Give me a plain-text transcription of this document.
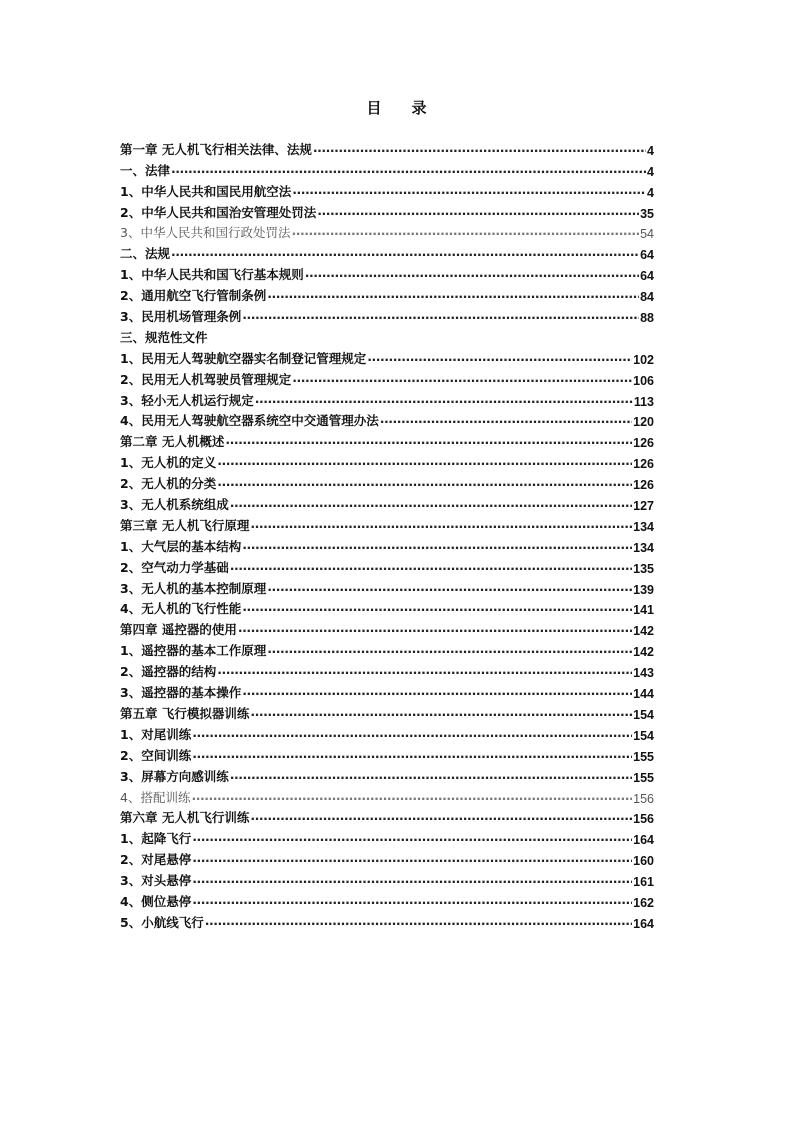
目 录
第一章 无人机飞行相关法律、法规 ·····	4
一、法律 ·····	4
1、中华人民共和国民用航空法 ·····	4
2、中华人民共和国治安管理处罚法 ·····	35
3、中华人民共和国行政处罚法 ·····	54
二、法规 ·····	64
1、中华人民共和国飞行基本规则 ·····	64
2、通用航空飞行管制条例 ·····	84
3、民用机场管理条例 ·····	88
三、规范性文件
1、民用无人驾驶航空器实名制登记管理规定 ·····	102
2、民用无人机驾驶员管理规定 ·····	106
3、轻小无人机运行规定 ·····	113
4、民用无人驾驶航空器系统空中交通管理办法 ·····	120
第二章 无人机概述 ·····	126
1、无人机的定义 ·····	126
2、无人机的分类 ·····	126
3、无人机系统组成 ·····	127
第三章 无人机飞行原理 ·····	134
1、大气层的基本结构 ·····	134
2、空气动力学基础 ·····	135
3、无人机的基本控制原理 ·····	139
4、无人机的飞行性能 ·····	141
第四章 遥控器的使用 ·····	142
1、遥控器的基本工作原理 ·····	142
2、遥控器的结构 ·····	143
3、遥控器的基本操作 ·····	144
第五章 飞行模拟器训练 ·····	154
1、对尾训练 ·····	154
2、空间训练 ·····	155
3、屏幕方向感训练 ·····	155
4、搭配训练 ·····	156
第六章 无人机飞行训练 ·····	156
1、起降飞行 ·····	164
2、对尾悬停 ·····	160
3、对头悬停 ·····	161
4、侧位悬停 ·····	162
5、小航线飞行 ·····	164
